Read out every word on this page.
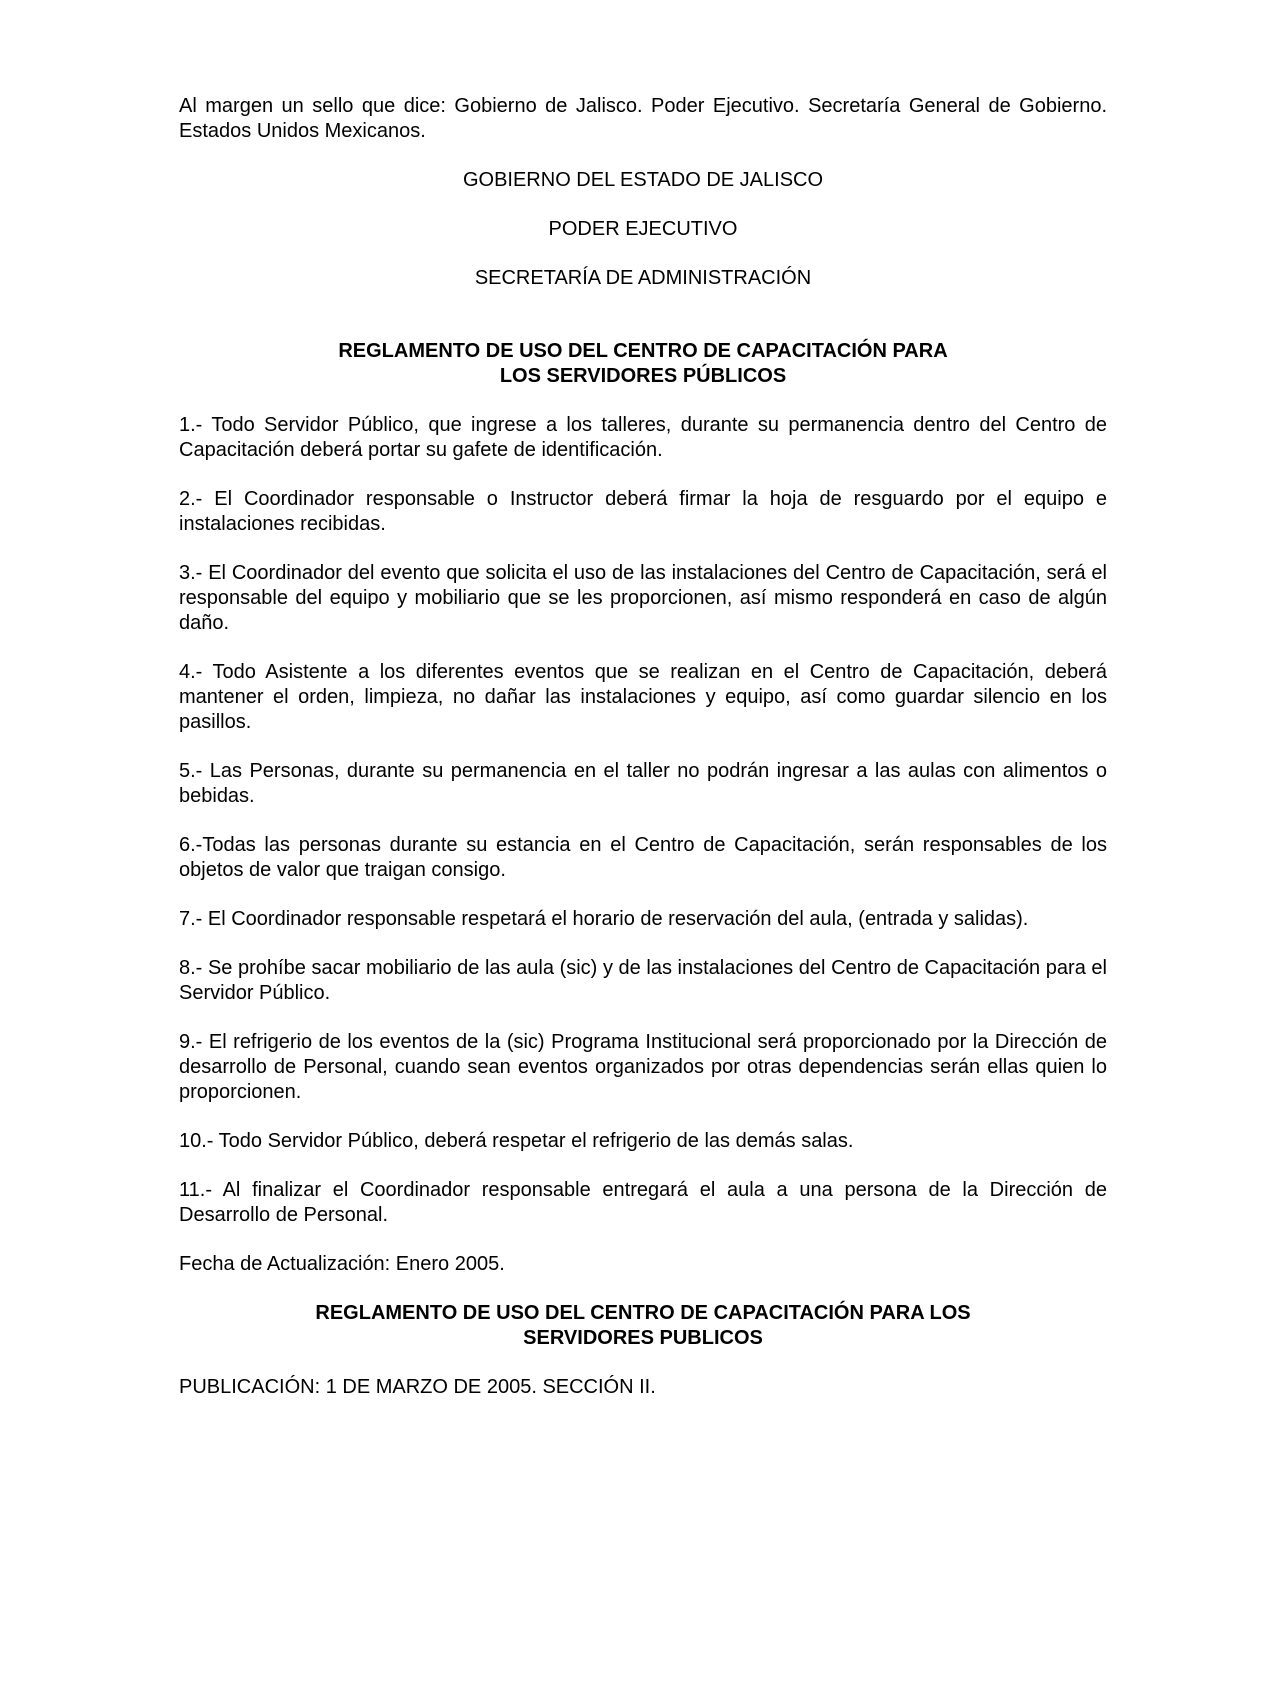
Al margen un sello que dice: Gobierno de Jalisco. Poder Ejecutivo. Secretaría General de Gobierno. Estados Unidos Mexicanos.

GOBIERNO DEL ESTADO DE JALISCO
PODER EJECUTIVO
SECRETARÍA DE ADMINISTRACIÓN
REGLAMENTO DE USO DEL CENTRO DE CAPACITACIÓN PARA
LOS SERVIDORES PÚBLICOS

1.- Todo Servidor Público, que ingrese a los talleres, durante su permanencia dentro del Centro de Capacitación deberá portar su gafete de identificación.

2.- El Coordinador responsable o Instructor deberá firmar la hoja de resguardo por el equipo e instalaciones recibidas.

3.- El Coordinador del evento que solicita el uso de las instalaciones del Centro de Capacitación, será el responsable del equipo y mobiliario que se les proporcionen, así mismo responderá en caso de algún daño.

4.- Todo Asistente a los diferentes eventos que se realizan en el Centro de Capacitación, deberá mantener el orden, limpieza, no dañar las instalaciones y equipo, así como guardar silencio en los pasillos.

5.- Las Personas, durante su permanencia en el taller no podrán ingresar a las aulas con alimentos o bebidas.

6.-Todas las personas durante su estancia en el Centro de Capacitación, serán responsables de los objetos de valor que traigan consigo.

7.- El Coordinador responsable respetará el horario de reservación del aula, (entrada y salidas).

8.- Se prohíbe sacar mobiliario de las aula (sic) y de las instalaciones del Centro de Capacitación para el Servidor Público.

9.- El refrigerio de los eventos de la (sic) Programa Institucional será proporcionado por la Dirección de desarrollo de Personal, cuando sean eventos organizados por otras dependencias serán ellas quien lo proporcionen.

10.- Todo Servidor Público, deberá respetar el refrigerio de las demás salas.

11.- Al finalizar el Coordinador responsable entregará el aula a una persona de la Dirección de Desarrollo de Personal.

Fecha de Actualización: Enero 2005.

REGLAMENTO DE USO DEL CENTRO DE CAPACITACIÓN PARA LOS
SERVIDORES PUBLICOS

PUBLICACIÓN: 1 DE MARZO DE 2005. SECCIÓN II.
